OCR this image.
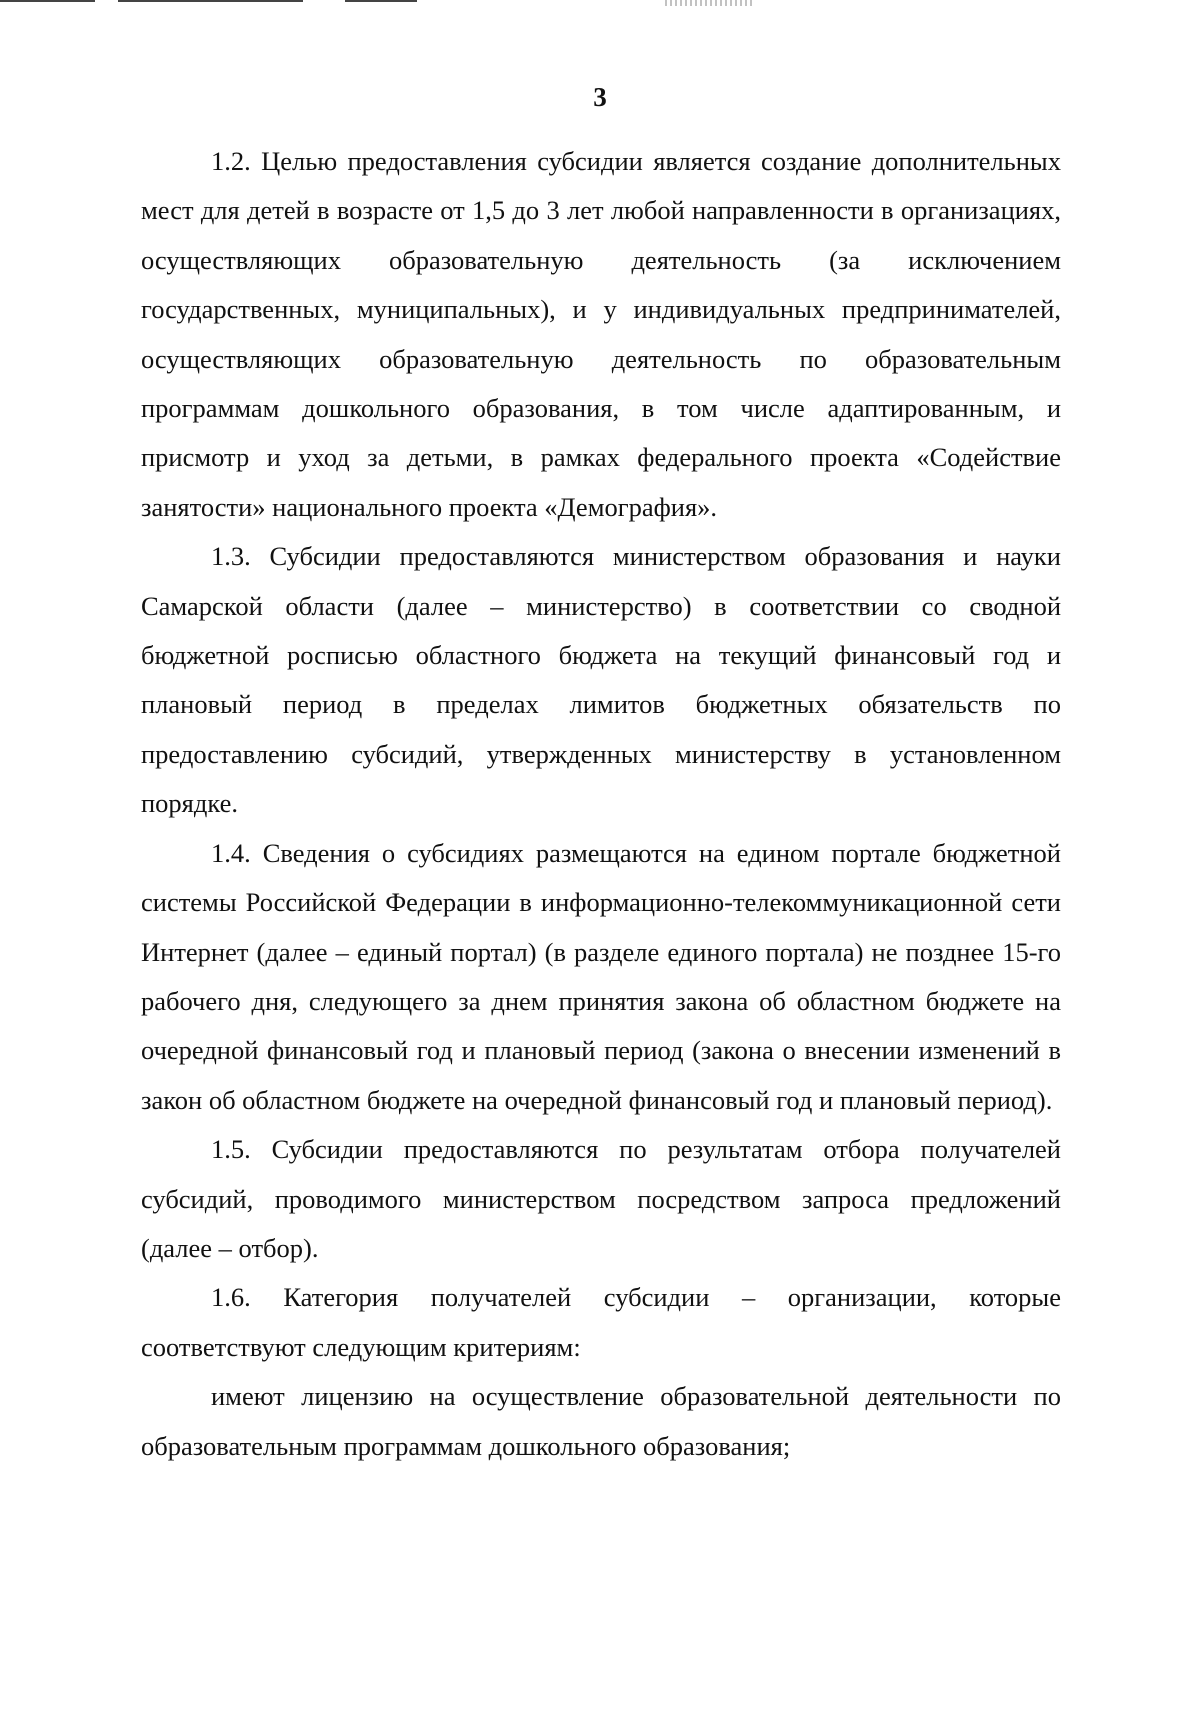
3

1.2. Целью предоставления субсидии является создание дополнительных мест для детей в возрасте от 1,5 до 3 лет любой направленности в организациях, осуществляющих образовательную деятельность (за исключением государственных, муниципальных), и у индивидуальных предпринимателей, осуществляющих образовательную деятельность по образовательным программам дошкольного образования, в том числе адаптированным, и присмотр и уход за детьми, в рамках федерального проекта «Содействие занятости» национального проекта «Демография».

1.3. Субсидии предоставляются министерством образования и науки Самарской области (далее – министерство) в соответствии со сводной бюджетной росписью областного бюджета на текущий финансовый год и плановый период в пределах лимитов бюджетных обязательств по предоставлению субсидий, утвержденных министерству в установленном порядке.

1.4. Сведения о субсидиях размещаются на едином портале бюджетной системы Российской Федерации в информационно-телекоммуникационной сети Интернет (далее – единый портал) (в разделе единого портала) не позднее 15-го рабочего дня, следующего за днем принятия закона об областном бюджете на очередной финансовый год и плановый период (закона о внесении изменений в закон об областном бюджете на очередной финансовый год и плановый период).

1.5. Субсидии предоставляются по результатам отбора получателей субсидий, проводимого министерством посредством запроса предложений (далее – отбор).

1.6. Категория получателей субсидии – организации, которые соответствуют следующим критериям:

имеют лицензию на осуществление образовательной деятельности по образовательным программам дошкольного образования;
